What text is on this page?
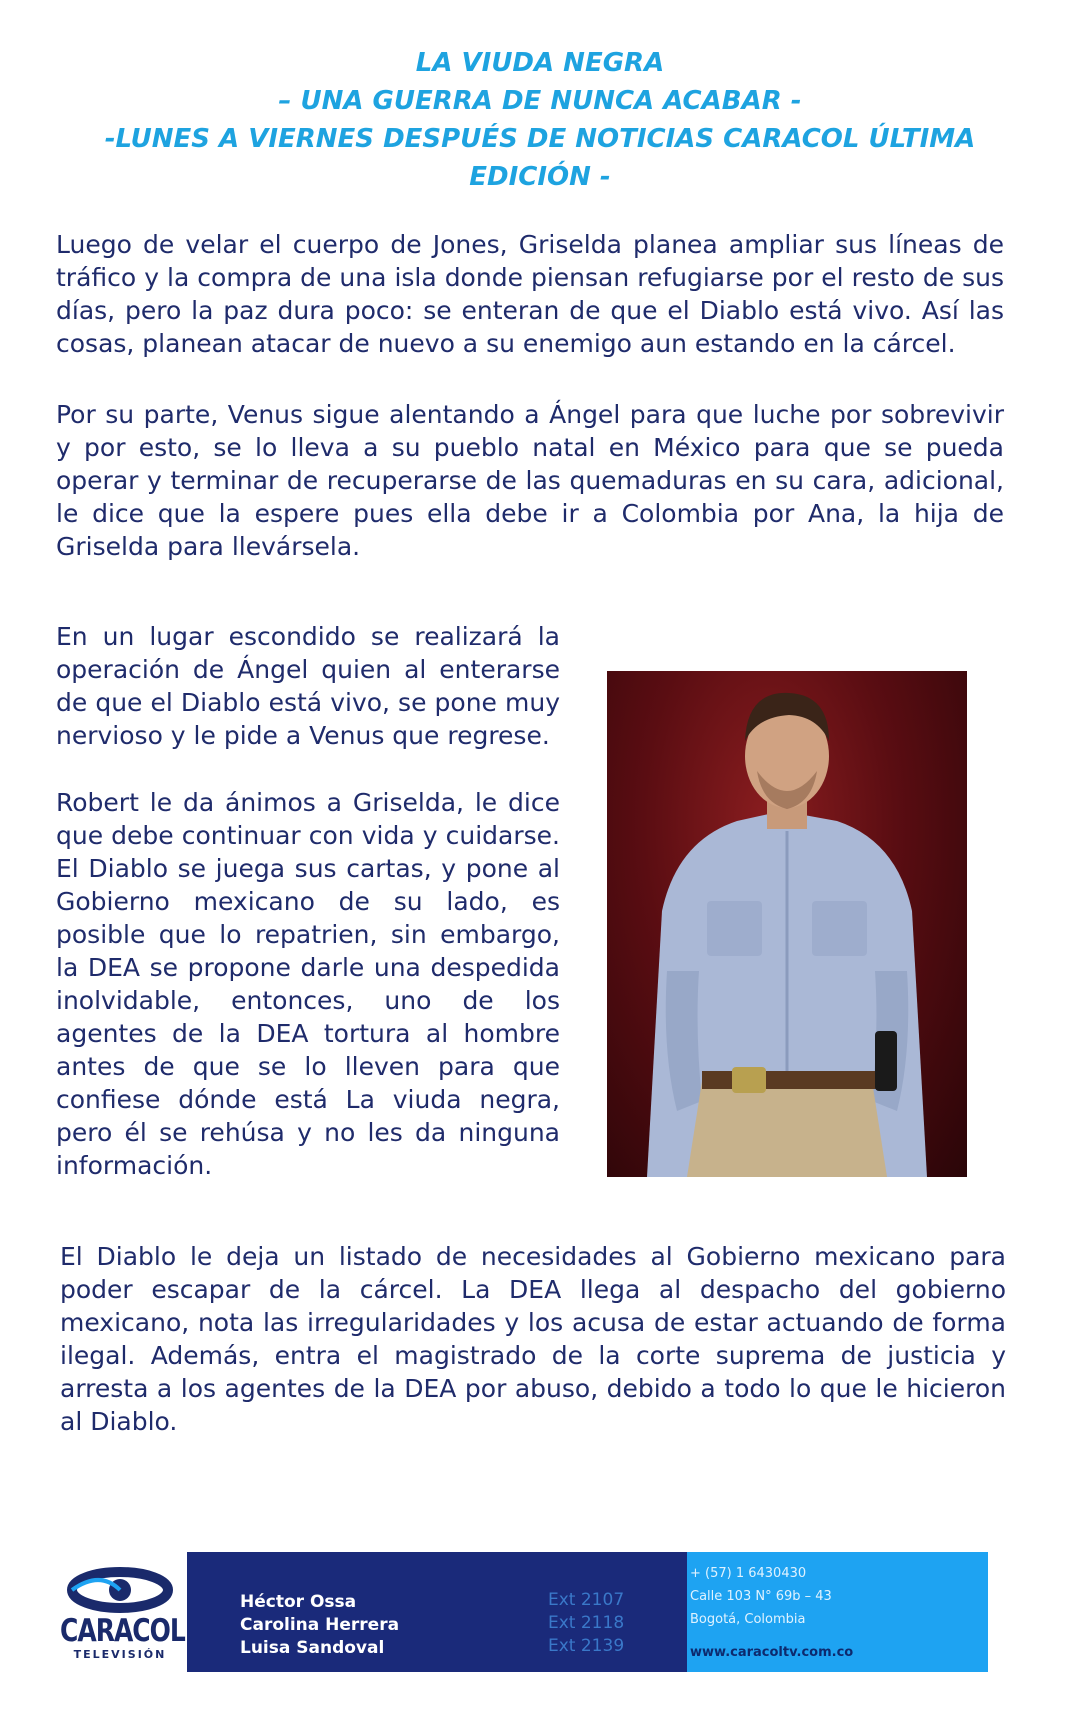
LA VIUDA NEGRA
– UNA GUERRA DE NUNCA ACABAR -
-LUNES A VIERNES DESPUÉS DE NOTICIAS CARACOL ÚLTIMA
EDICIÓN -

Luego de velar el cuerpo de Jones, Griselda planea ampliar sus líneas de tráfico y la compra de una isla donde piensan refugiarse por el resto de sus días, pero la paz dura poco: se enteran de que el Diablo está vivo. Así las cosas, planean atacar de nuevo a su enemigo aun estando en la cárcel.

Por su parte, Venus sigue alentando a Ángel para que luche por sobrevivir y por esto, se lo lleva a su pueblo natal en México para que se pueda operar y terminar de recuperarse de las quemaduras en su cara, adicional, le dice que la espere pues ella debe ir a Colombia por Ana, la hija de Griselda para llevársela.

En un lugar escondido se realizará la operación de Ángel quien al enterarse de que el Diablo está vivo, se pone muy nervioso y le pide a Venus que regrese.

Robert le da ánimos a Griselda, le dice que debe continuar con vida y cuidarse. El Diablo se juega sus cartas, y pone al Gobierno mexicano de su lado, es posible que lo repatrien, sin embargo, la DEA se propone darle una despedida inolvidable, entonces, uno de los agentes de la DEA tortura al hombre antes de que se lo lleven para que confiese dónde está La viuda negra, pero él se rehúsa y no les da ninguna información.

El Diablo le deja un listado de necesidades al Gobierno mexicano para poder escapar de la cárcel. La DEA llega al despacho del gobierno mexicano, nota las irregularidades y los acusa de estar actuando de forma ilegal. Además, entra el magistrado de la corte suprema de justicia y arresta a los agentes de la DEA por abuso, debido a todo lo que le hicieron al Diablo.

CARACOL
TELEVISIÓN
Héctor Ossa
Carolina Herrera
Luisa Sandoval
Ext 2107
Ext 2118
Ext 2139
+ (57) 1 6430430
Calle 103 N° 69b – 43
Bogotá, Colombia
www.caracoltv.com.co
